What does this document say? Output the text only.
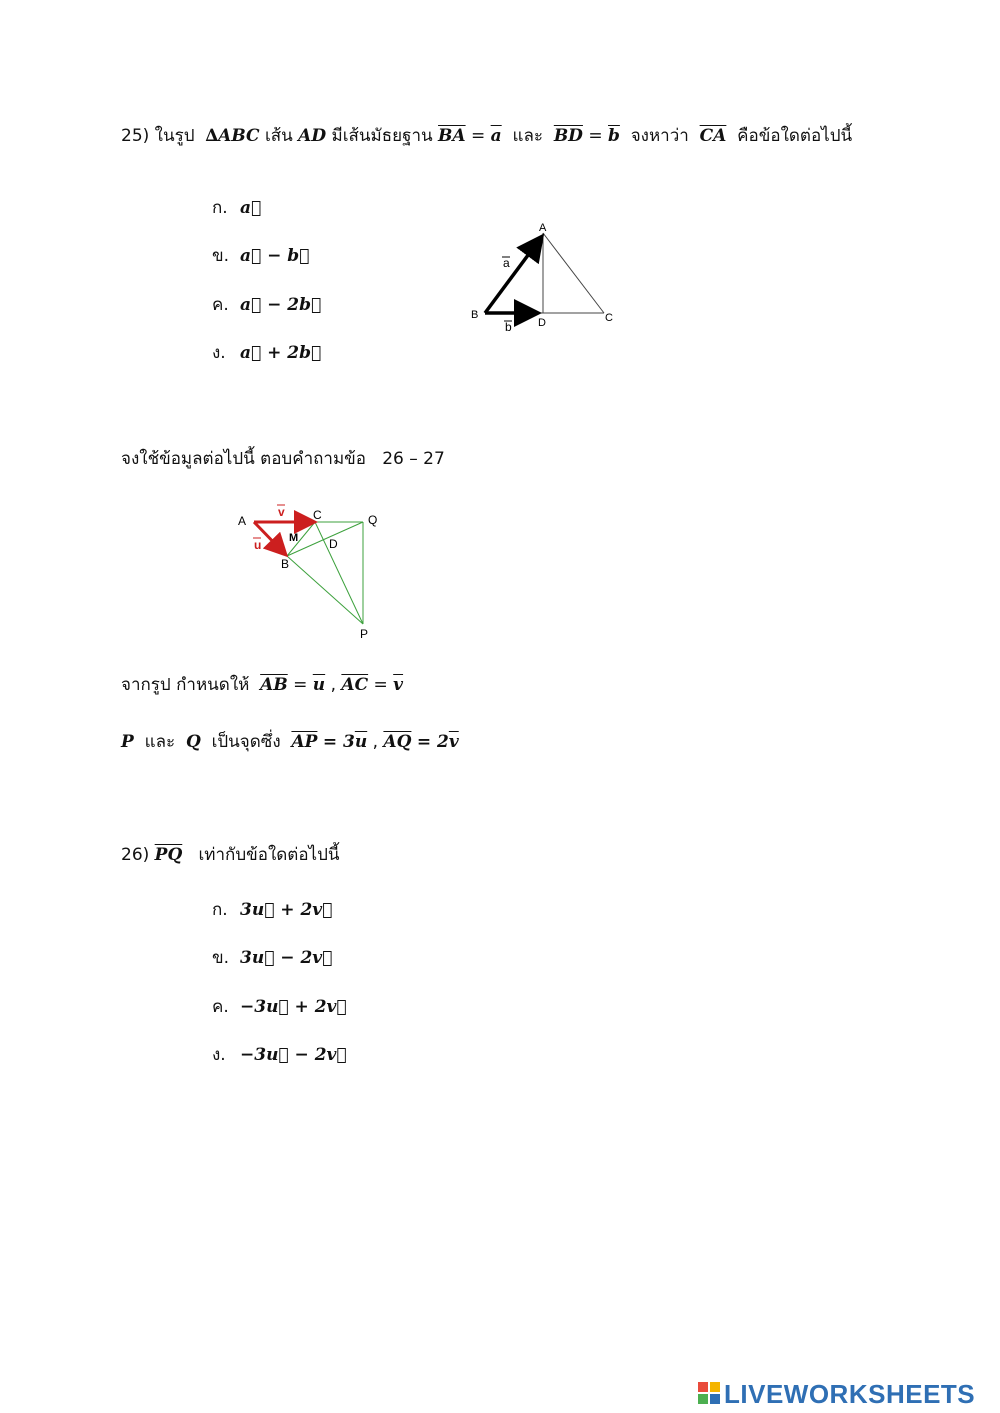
25) ในรูป ∆ABC เส้น AD มีเส้นมัธยฐาน $\overline{BA} = \overline{a}$ และ $\overline{BD} = \overline{b}$ จงหาว่า $\overline{CA}$ คือข้อใดต่อไปนี้
ก. a⃗
ข. a⃗ − b⃗
ค. a⃗ − 2b⃗
ง. a⃗ + 2b⃗
A
B	C
D
a
b
จงใช้ข้อมูลต่อไปนี้ ตอบคำถามข้อ   26 – 27
A	C	Q
B
P
M	D
v
u
จากรูป กำหนดให้ $\overline{AB} = \overline{u}$ , $\overline{AC} = \overline{v}$
P และ Q เป็นจุดซึ่ง $\overline{AP} = 3\overline{u}$ , $\overline{AQ} = 2\overline{v}$
26) $\overline{PQ}$ เท่ากับข้อใดต่อไปนี้
ก. 3u⃗ + 2v⃗
ข. 3u⃗ − 2v⃗
ค. −3u⃗ + 2v⃗
ง. −3u⃗ − 2v⃗
LIVEWORKSHEETS
